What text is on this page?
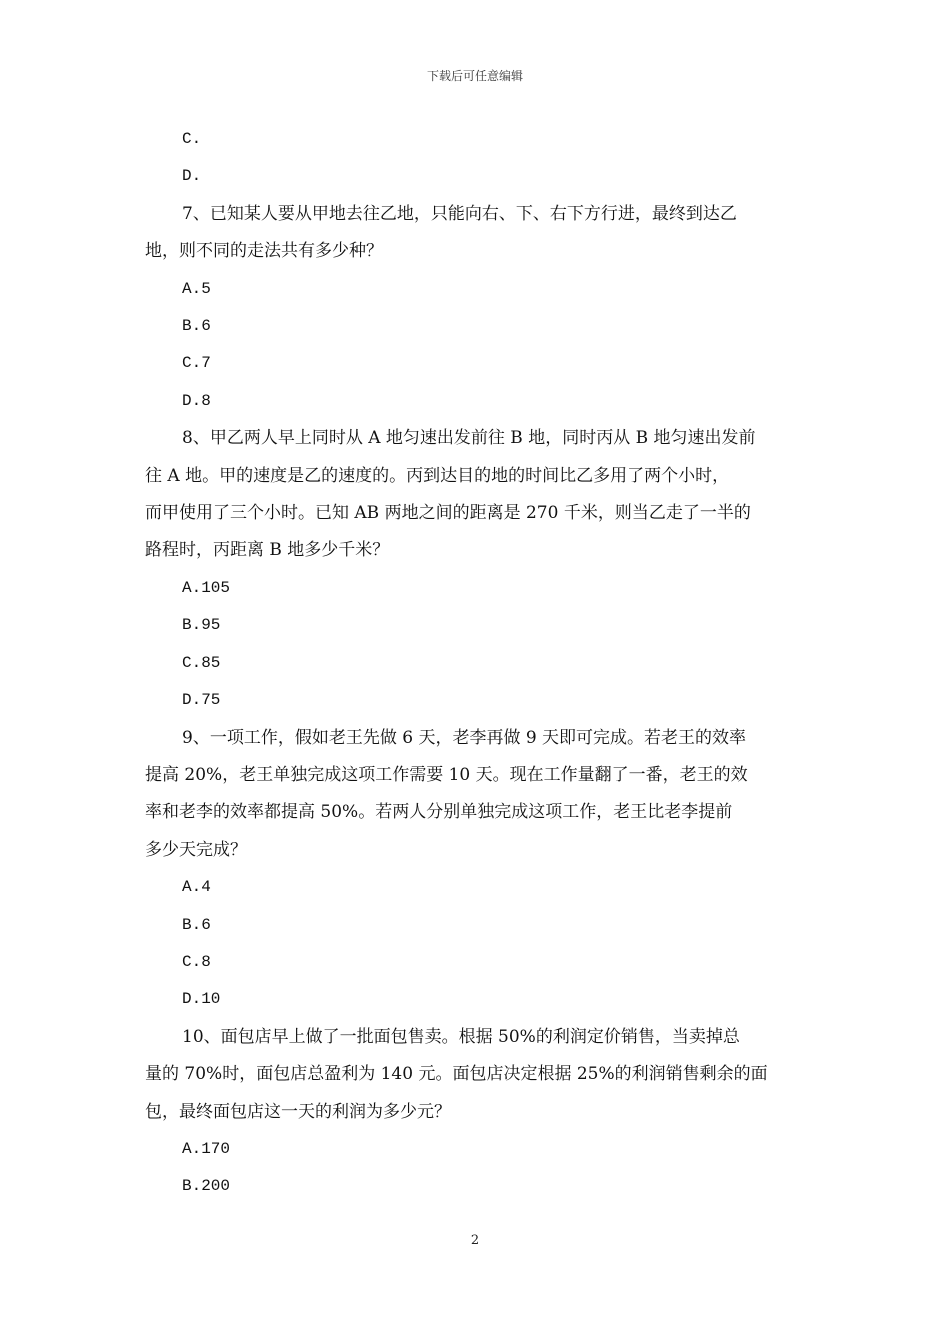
下载后可任意编辑

C.

D.

7、已知某人要从甲地去往乙地，只能向右、下、右下方行进，最终到达乙

地，则不同的走法共有多少种？

A.5

B.6

C.7

D.8

8、甲乙两人早上同时从 A 地匀速出发前往 B 地，同时丙从 B 地匀速出发前

往 A 地。甲的速度是乙的速度的。丙到达目的地的时间比乙多用了两个小时，

而甲使用了三个小时。已知 AB 两地之间的距离是 270 千米，则当乙走了一半的

路程时，丙距离 B 地多少千米？

A.105

B.95

C.85

D.75

9、一项工作，假如老王先做 6 天，老李再做 9 天即可完成。若老王的效率

提高 20%，老王单独完成这项工作需要 10 天。现在工作量翻了一番，老王的效

率和老李的效率都提高 50%。若两人分别单独完成这项工作，老王比老李提前

多少天完成？

A.4

B.6

C.8

D.10

10、面包店早上做了一批面包售卖。根据 50%的利润定价销售，当卖掉总

量的 70%时，面包店总盈利为 140 元。面包店决定根据 25%的利润销售剩余的面

包，最终面包店这一天的利润为多少元？

A.170

B.200

2
